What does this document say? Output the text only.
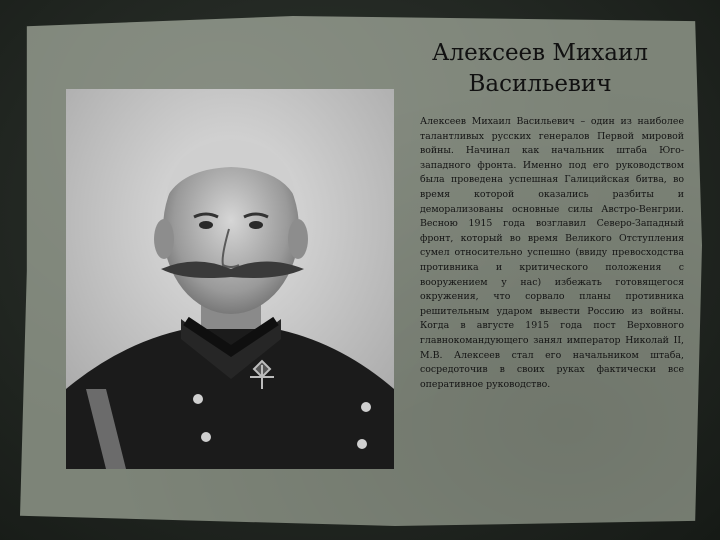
Алексеев Михаил Васильевич
Алексеев Михаил Васильевич – один из наиболее талантливых русских генералов Первой мировой войны. Начинал как начальник штаба Юго-западного фронта. Именно под его руководством была проведена успешная Галицийская битва, во время которой оказались разбиты и деморализованы основные силы Австро-Венгрии. Весною 1915 года возглавил Северо-Западный фронт, который во время Великого Отступления сумел относительно успешно (ввиду превосходства противника и критического положения с вооружением у нас) избежать готовящегося окружения, что сорвало планы противника решительным ударом вывести Россию из войны. Когда в августе 1915 года пост Верховного главнокомандующего занял император Николай II, М.В. Алексеев стал его начальником штаба, сосредоточив в своих руках фактически все оперативное руководство.
